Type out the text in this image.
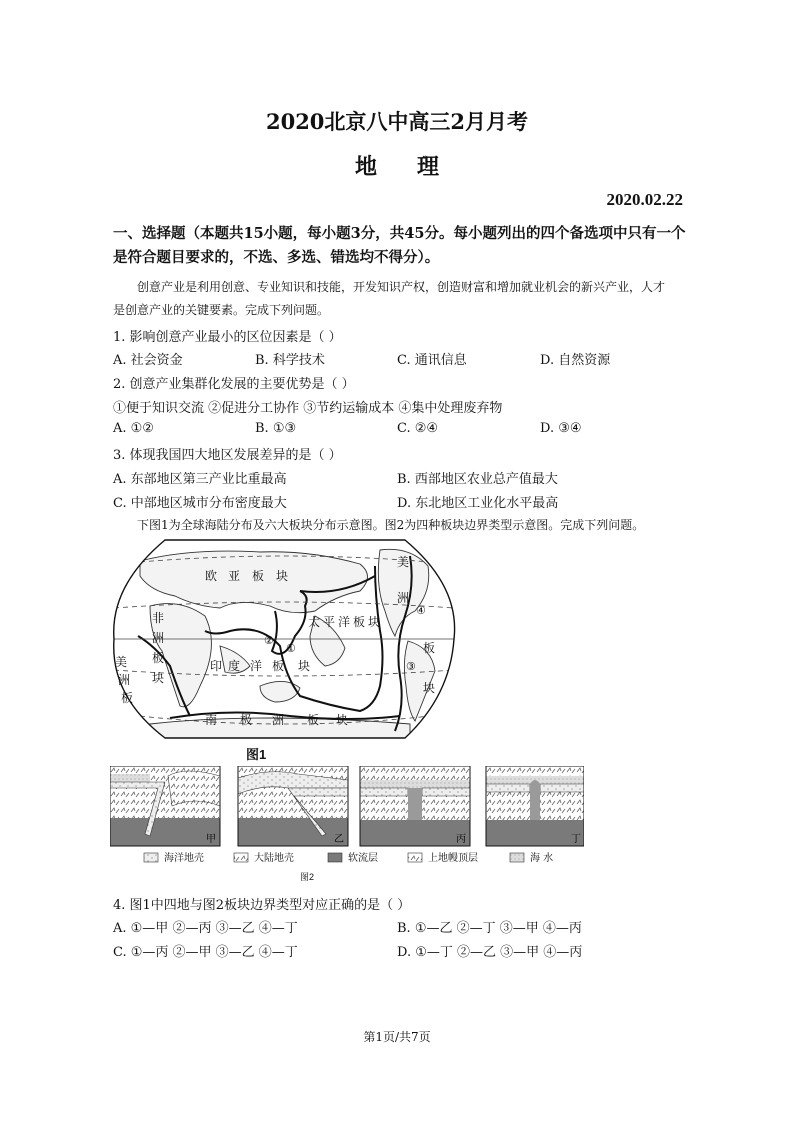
2020北京八中高三2月月考
地理
2020.02.22
一、选择题（本题共15小题，每小题3分，共45分。每小题列出的四个备选项中只有一个
是符合题目要求的，不选、多选、错选均不得分）。
创意产业是利用创意、专业知识和技能，开发知识产权，创造财富和增加就业机会的新兴产业，人才
是创意产业的关键要素。完成下列问题。
1. 影响创意产业最小的区位因素是（ ）
A. 社会资金	B. 科学技术	C. 通讯信息	D. 自然资源
2. 创意产业集群化发展的主要优势是（ ）
①便于知识交流 ②促进分工协作 ③节约运输成本 ④集中处理废弃物
A. ①②	B. ①③	C. ②④	D. ③④
3. 体现我国四大地区发展差异的是（ ）
A. 东部地区第三产业比重最高	B. 西部地区农业总产值最大
C. 中部地区城市分布密度最大	D. 东北地区工业化水平最高
下图1为全球海陆分布及六大板块分布示意图。图2为四种板块边界类型示意图。完成下列问题。
欧 亚 板 块
太 平 洋 板 块
印 度 洋 板 块
南 极 洲 板 块
非
洲
板
块
美
洲
板
美
洲
板
块
④
③
②
①
图1
甲	乙	丙	丁
海洋地壳	大陆地壳	软流层	上地幔顶层	海 水
图2
4. 图1中四地与图2板块边界类型对应正确的是（ ）
A. ①—甲 ②—丙 ③—乙 ④—丁	B. ①—乙 ②—丁 ③—甲 ④—丙
C. ①—丙 ②—甲 ③—乙 ④—丁	D. ①—丁 ②—乙 ③—甲 ④—丙
第1页/共7页
